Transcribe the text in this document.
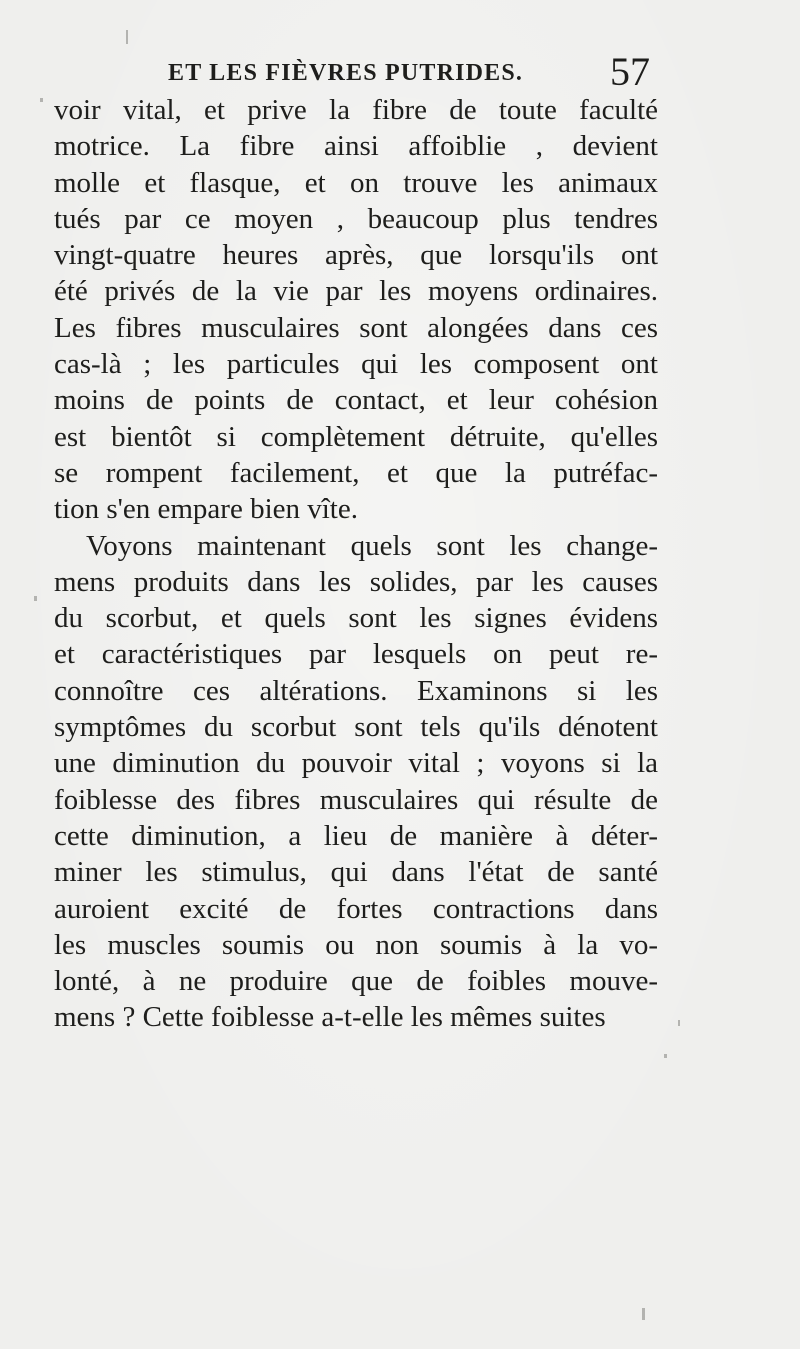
ET LES FIÈVRES PUTRIDES. 57
voir vital, et prive la fibre de toute faculté
motrice. La fibre ainsi affoiblie , devient
molle et flasque, et on trouve les animaux
tués par ce moyen , beaucoup plus tendres
vingt-quatre heures après, que lorsqu'ils ont
été privés de la vie par les moyens ordinaires.
Les fibres musculaires sont alongées dans ces
cas-là ; les particules qui les composent ont
moins de points de contact, et leur cohésion
est bientôt si complètement détruite, qu'elles
se rompent facilement, et que la putréfac-
tion s'en empare bien vîte.
Voyons maintenant quels sont les change-
mens produits dans les solides, par les causes
du scorbut, et quels sont les signes évidens
et caractéristiques par lesquels on peut re-
connoître ces altérations. Examinons si les
symptômes du scorbut sont tels qu'ils dénotent
une diminution du pouvoir vital ; voyons si la
foiblesse des fibres musculaires qui résulte de
cette diminution, a lieu de manière à déter-
miner les stimulus, qui dans l'état de santé
auroient excité de fortes contractions dans
les muscles soumis ou non soumis à la vo-
lonté, à ne produire que de foibles mouve-
mens ? Cette foiblesse a-t-elle les mêmes suites
